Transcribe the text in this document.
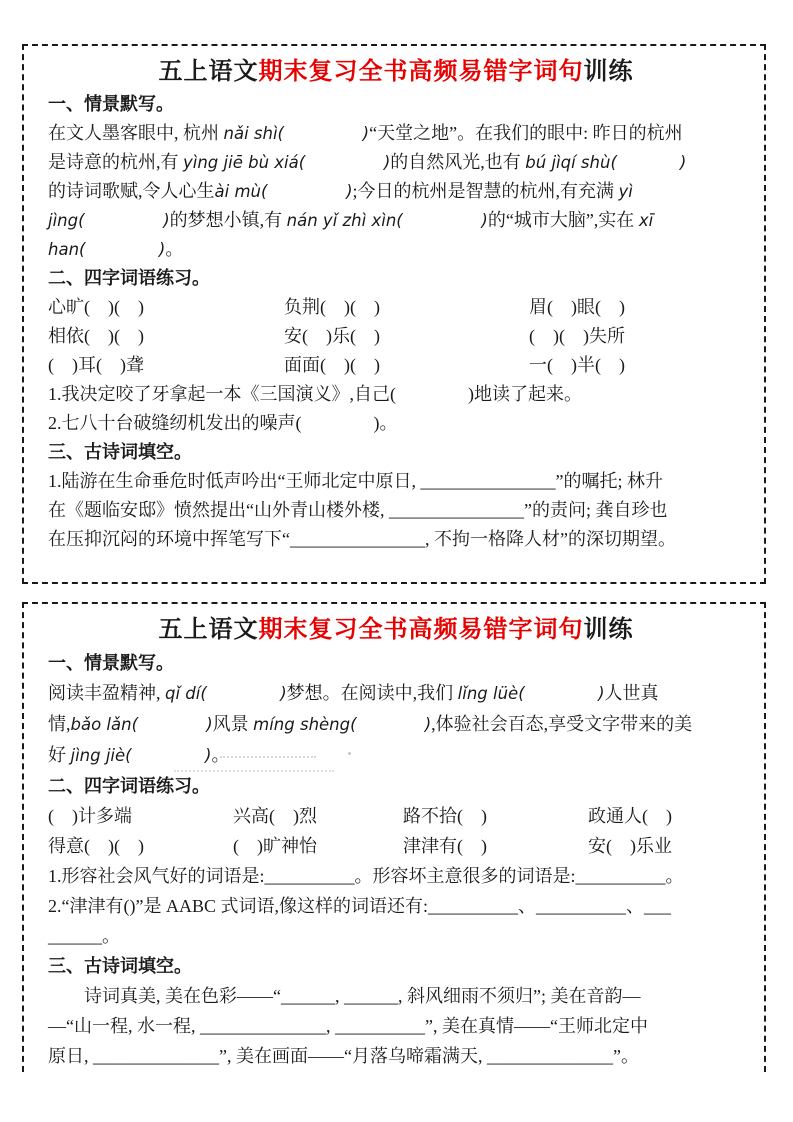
五上语文期末复习全书高频易错字词句训练
一、情景默写。
在文人墨客眼中, 杭州 nǎi shì(               )“天堂之地”。在我们的眼中: 昨日的杭州
是诗意的杭州,有 yìng jiē bù xiá(               )的自然风光,也有 bú jìqí shù(            )
的诗词歌赋,令人心生ài mù(               );今日的杭州是智慧的杭州,有充满 yì
jìng(               )的梦想小镇,有 nán yǐ zhì xìn(               )的“城市大脑”,实在 xī
han(              )。
二、四字词语练习。
心旷(　)(　)	负荆(　)(　)	眉(　)眼(　)
相依(　)(　)	安(　)乐(　)	(　)(　)失所
(　)耳(　)聋	面面(　)(　)	一(　)半(　)
1.我决定咬了牙拿起一本《三国演义》,自己(　　　　)地读了起来。
2.七八十台破缝纫机发出的噪声(　　　　)。
三、古诗词填空。
1.陆游在生命垂危时低声吟出“王师北定中原日, _______________”的嘱托; 林升
在《题临安邸》愤然提出“山外青山楼外楼, _______________”的责问; 龚自珍也
在压抑沉闷的环境中挥笔写下“_______________, 不拘一格降人材”的深切期望。
五上语文期末复习全书高频易错字词句训练
一、情景默写。
阅读丰盈精神, qǐ dí(              )梦想。在阅读中,我们 lǐng lüè(              )人世真
情,bǎo lǎn(             )风景 míng shèng(             ),体验社会百态,享受文字带来的美
好 jìng jiè(              )。
二、四字词语练习。
(　)计多端	兴高(　)烈	路不拾(　)	政通人(　)
得意(　)(　)	(　)旷神怡	津津有(　)	安(　)乐业
1.形容社会风气好的词语是:__________。形容坏主意很多的词语是:__________。
2.“津津有()”是 AABC 式词语,像这样的词语还有:__________、__________、___
______。
三、古诗词填空。
　　诗词真美, 美在色彩——“______, ______, 斜风细雨不须归”; 美在音韵—
—“山一程, 水一程, ______________, __________”, 美在真情——“王师北定中
原日, ______________”, 美在画面——“月落乌啼霜满天, ______________”。
